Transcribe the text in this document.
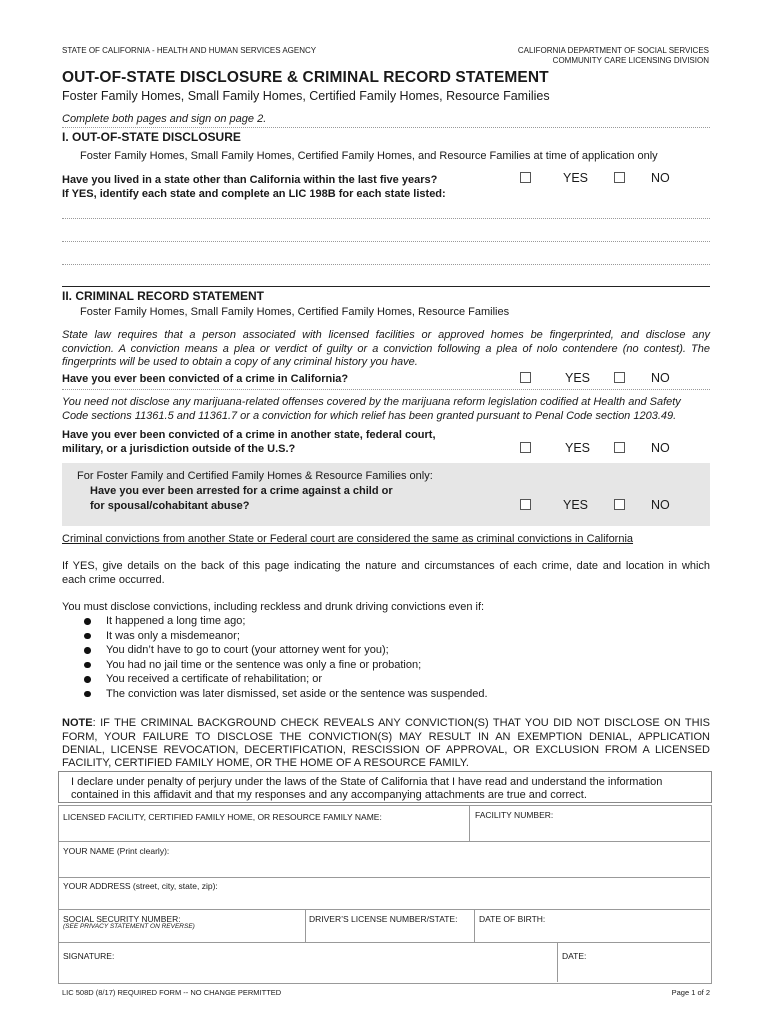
STATE OF CALIFORNIA - HEALTH AND HUMAN SERVICES AGENCY	CALIFORNIA DEPARTMENT OF SOCIAL SERVICES
COMMUNITY CARE LICENSING DIVISION
OUT-OF-STATE DISCLOSURE & CRIMINAL RECORD STATEMENT
Foster Family Homes, Small Family Homes, Certified Family Homes, Resource Families
Complete both pages and sign on page 2.
I. OUT-OF-STATE DISCLOSURE
Foster Family Homes, Small Family Homes, Certified Family Homes, and Resource Families at time of application only
Have you lived in a state other than California within the last five years?
If YES, identify each state and complete an LIC 198B for each state listed:
YES	NO
II. CRIMINAL RECORD STATEMENT
Foster Family Homes, Small Family Homes, Certified Family Homes, Resource Families
State law requires that a person associated with licensed facilities or approved homes be fingerprinted, and disclose any
conviction. A conviction means a plea or verdict of guilty or a conviction following a plea of nolo contendere (no contest). The
fingerprints will be used to obtain a copy of any criminal history you have.
Have you ever been convicted of a crime in California?	YES	NO
You need not disclose any marijuana-related offenses covered by the marijuana reform legislation codified at Health and Safety
Code sections 11361.5 and 11361.7 or a conviction for which relief has been granted pursuant to Penal Code section 1203.49.
Have you ever been convicted of a crime in another state, federal court,
military, or a jurisdiction outside of the U.S.?	YES	NO
For Foster Family and Certified Family Homes & Resource Families only:
Have you ever been arrested for a crime against a child or
for spousal/cohabitant abuse?	YES	NO
Criminal convictions from another State or Federal court are considered the same as criminal convictions in California
If YES, give details on the back of this page indicating the nature and circumstances of each crime, date and location in which
each crime occurred.
You must disclose convictions, including reckless and drunk driving convictions even if:
It happened a long time ago;
It was only a misdemeanor;
You didn’t have to go to court (your attorney went for you);
You had no jail time or the sentence was only a fine or probation;
You received a certificate of rehabilitation; or
The conviction was later dismissed, set aside or the sentence was suspended.
NOTE: IF THE CRIMINAL BACKGROUND CHECK REVEALS ANY CONVICTION(S) THAT YOU DID NOT DISCLOSE ON THIS
FORM, YOUR FAILURE TO DISCLOSE THE CONVICTION(S) MAY RESULT IN AN EXEMPTION DENIAL, APPLICATION
DENIAL, LICENSE REVOCATION, DECERTIFICATION, RESCISSION OF APPROVAL, OR EXCLUSION FROM A LICENSED
FACILITY, CERTIFIED FAMILY HOME, OR THE HOME OF A RESOURCE FAMILY.
I declare under penalty of perjury under the laws of the State of California that I have read and understand the information
contained in this affidavit and that my responses and any accompanying attachments are true and correct.
LICENSED FACILITY, CERTIFIED FAMILY HOME, OR RESOURCE FAMILY NAME:	FACILITY NUMBER:
YOUR NAME (Print clearly):
YOUR ADDRESS (street, city, state, zip):
SOCIAL SECURITY NUMBER:
(SEE PRIVACY STATEMENT ON REVERSE)
DRIVER’S LICENSE NUMBER/STATE:	DATE OF BIRTH:
SIGNATURE:	DATE:
LIC 508D (8/17) REQUIRED FORM -- NO CHANGE PERMITTED	Page 1 of 2
